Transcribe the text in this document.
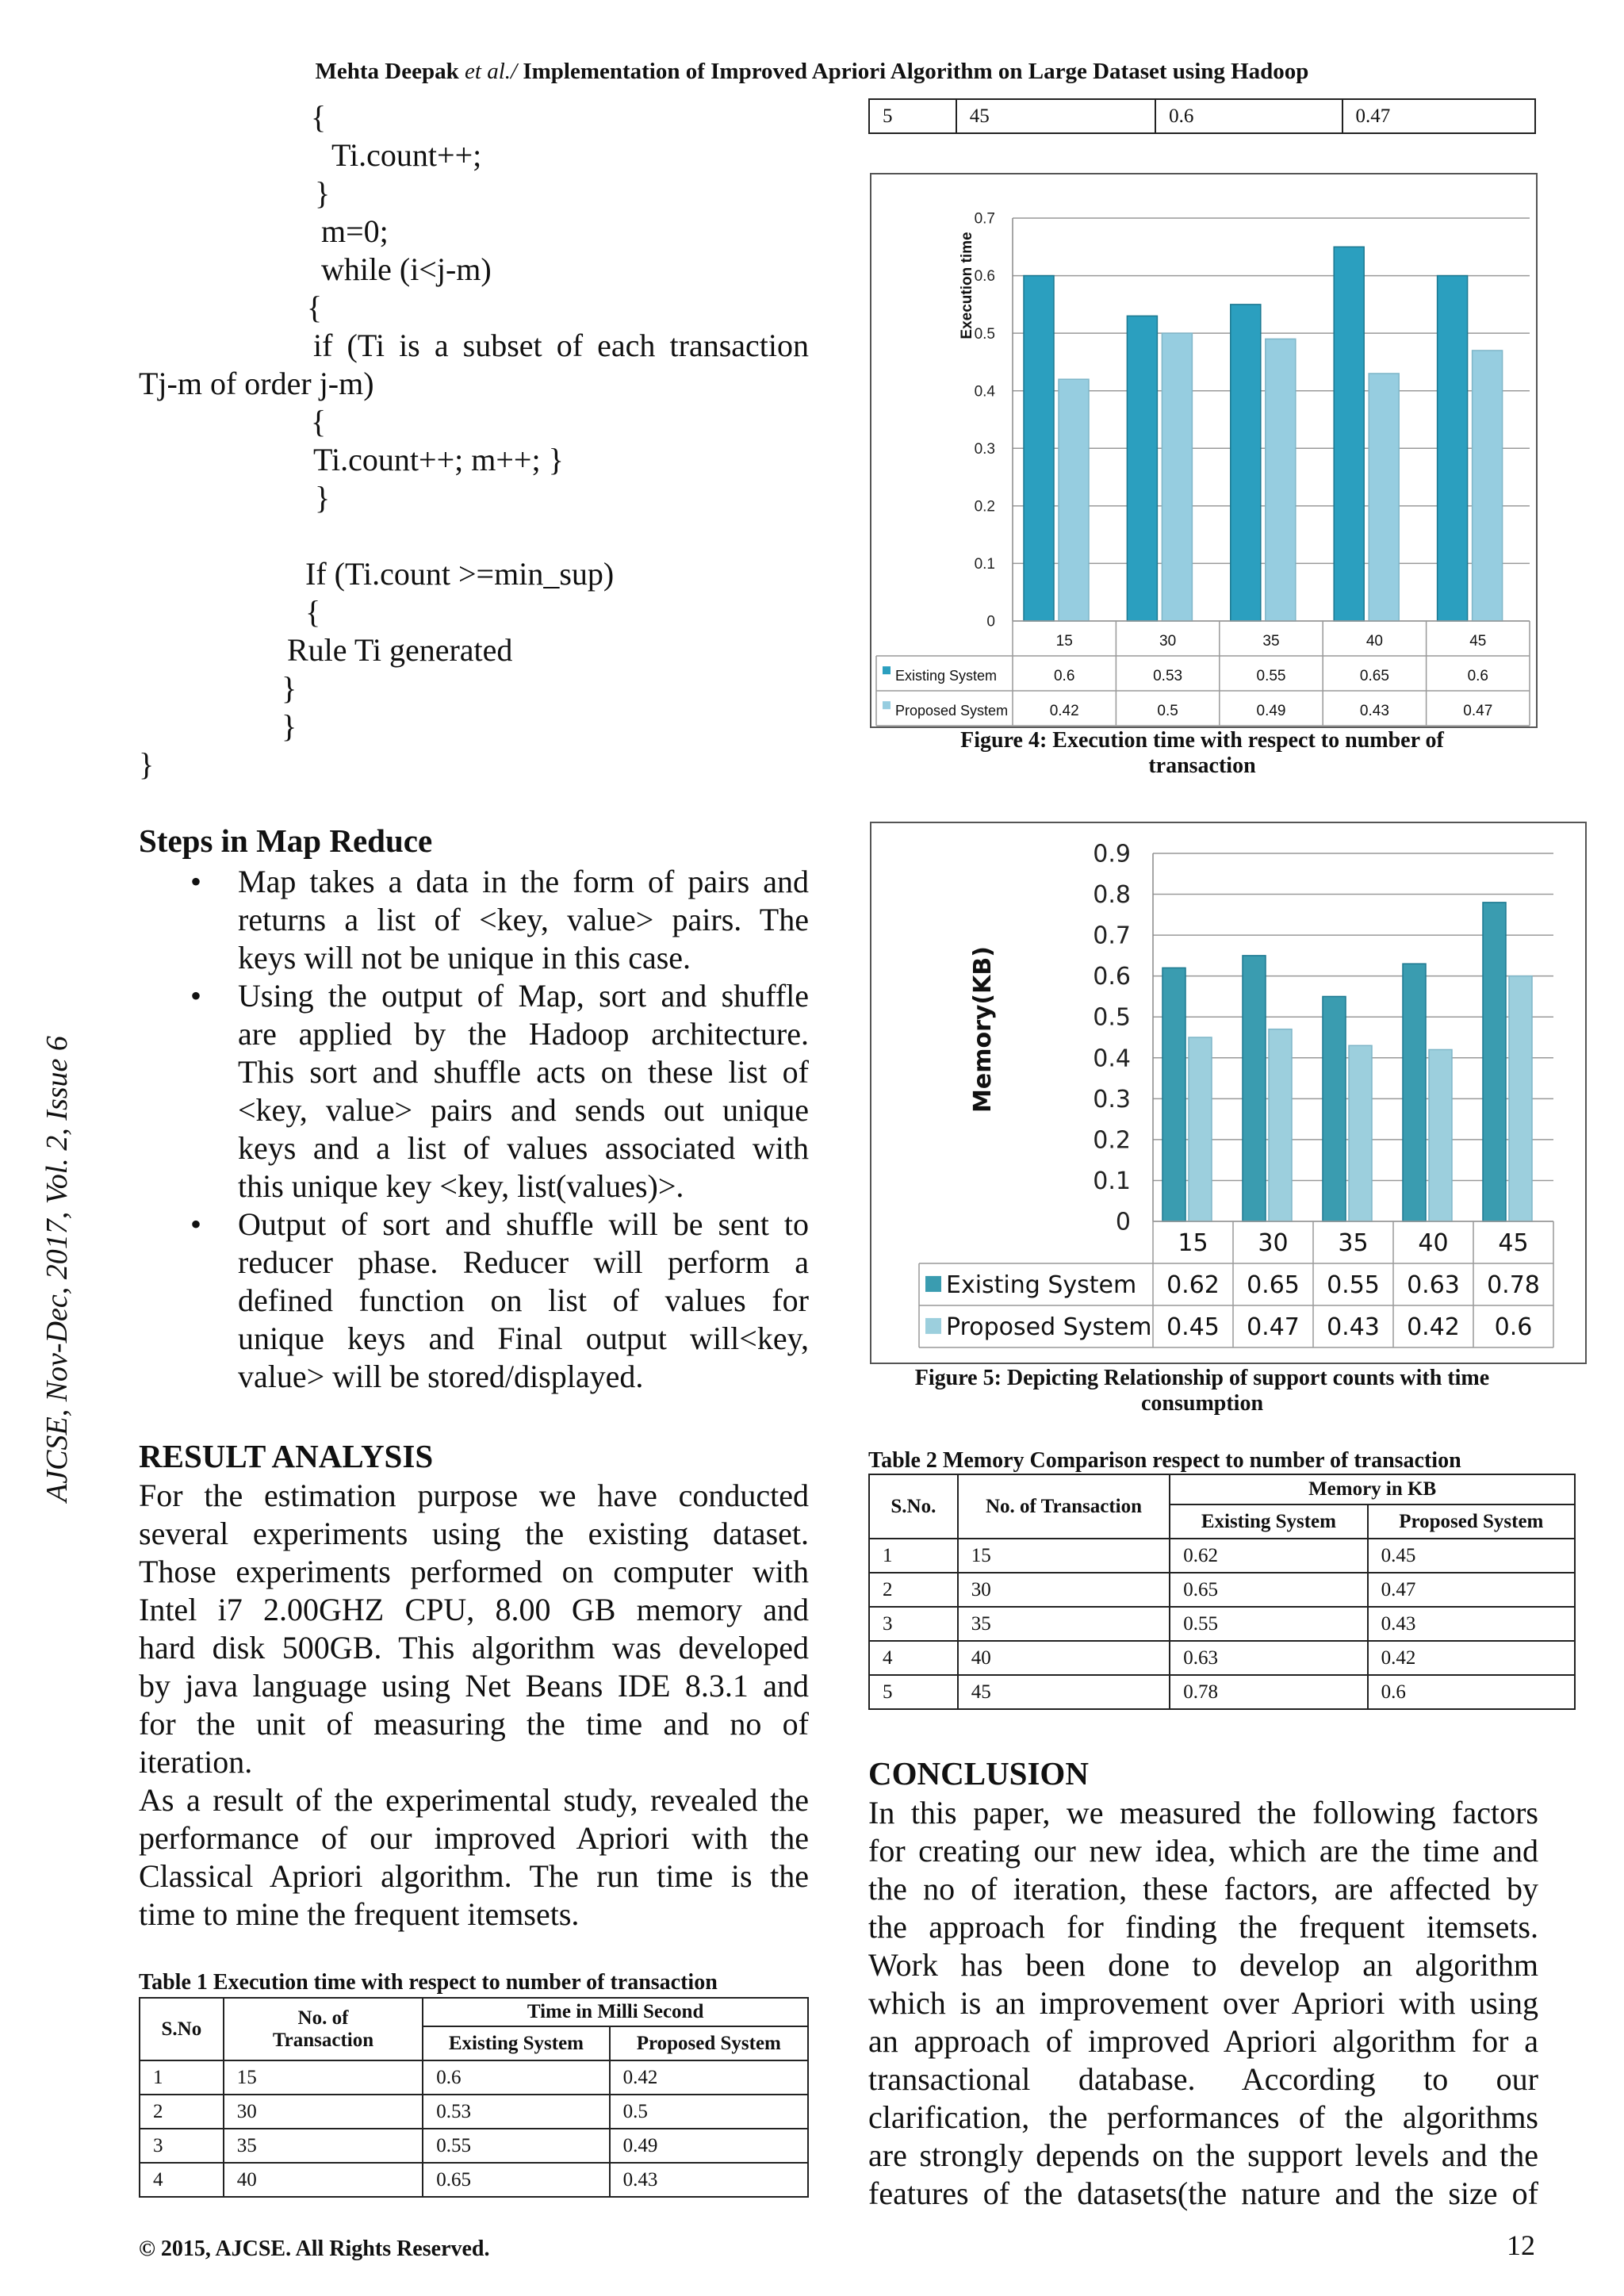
Mehta Deepak et al./ Implementation of Improved Apriori Algorithm on Large Dataset using Hadoop
AJCSE, Nov-Dec, 2017, Vol. 2, Issue 6
{
Ti.count++;
}
m=0;
while (i<j-m)
{
if (Ti is a subset of each transaction
Tj-m of order j-m)
{
Ti.count++; m++; }
}
If (Ti.count >=min_sup)
{
Rule Ti generated
}
}
}
Steps in Map Reduce
• Map takes a data in the form of pairs and
returns a list of <key, value> pairs. The
keys will not be unique in this case.
• Using the output of Map, sort and shuffle
are applied by the Hadoop architecture.
This sort and shuffle acts on these list of
<key, value> pairs and sends out unique
keys and a list of values associated with
this unique key <key, list(values)>.
• Output of sort and shuffle will be sent to
reducer phase. Reducer will perform a
defined function on list of values for
unique keys and Final output will<key,
value> will be stored/displayed.
RESULT ANALYSIS
For the estimation purpose we have conducted
several experiments using the existing dataset.
Those experiments performed on computer with
Intel i7 2.00GHZ CPU, 8.00 GB memory and
hard disk 500GB. This algorithm was developed
by java language using Net Beans IDE 8.3.1 and
for the unit of measuring the time and no of
iteration.
As a result of the experimental study, revealed the
performance of our improved Apriori with the
Classical Apriori algorithm. The run time is the
time to mine the frequent itemsets.
Table 1 Execution time with respect to number of transaction
S.No	No. of
Transaction	Time in Milli Second	
		Existing System	Proposed System
1	15	0.6	0.42
2	30	0.53	0.5
3	35	0.55	0.49
4	40	0.65	0.43
5	45	0.6	0.47
0
0.1
0.2
0.3
0.4
0.5
0.6
0.7
Execution time
15	30	35	40	45
Existing System	0.6	0.53	0.55	0.65	0.6
Proposed System	0.42	0.5	0.49	0.43	0.47
Figure 4: Execution time with respect to number of
transaction
0
0.1
0.2
0.3
0.4
0.5
0.6
0.7
0.8
0.9
Memory(KB)
15 30 35 40 45
Existing System 0.62 0.65 0.55 0.63 0.78
Proposed System 0.45 0.47 0.43 0.42 0.6
Figure 5: Depicting Relationship of support counts with time
consumption
Table 2 Memory Comparison respect to number of transaction
S.No.	No. of Transaction	Memory in KB	
		Existing System	Proposed System
1	15	0.62	0.45
2	30	0.65	0.47
3	35	0.55	0.43
4	40	0.63	0.42
5	45	0.78	0.6
CONCLUSION
In this paper, we measured the following factors
for creating our new idea, which are the time and
the no of iteration, these factors, are affected by
the approach for finding the frequent itemsets.
Work has been done to develop an algorithm
which is an improvement over Apriori with using
an approach of improved Apriori algorithm for a
transactional database. According to our
clarification, the performances of the algorithms
are strongly depends on the support levels and the
features of the datasets(the nature and the size of
© 2015, AJCSE. All Rights Reserved.	12
